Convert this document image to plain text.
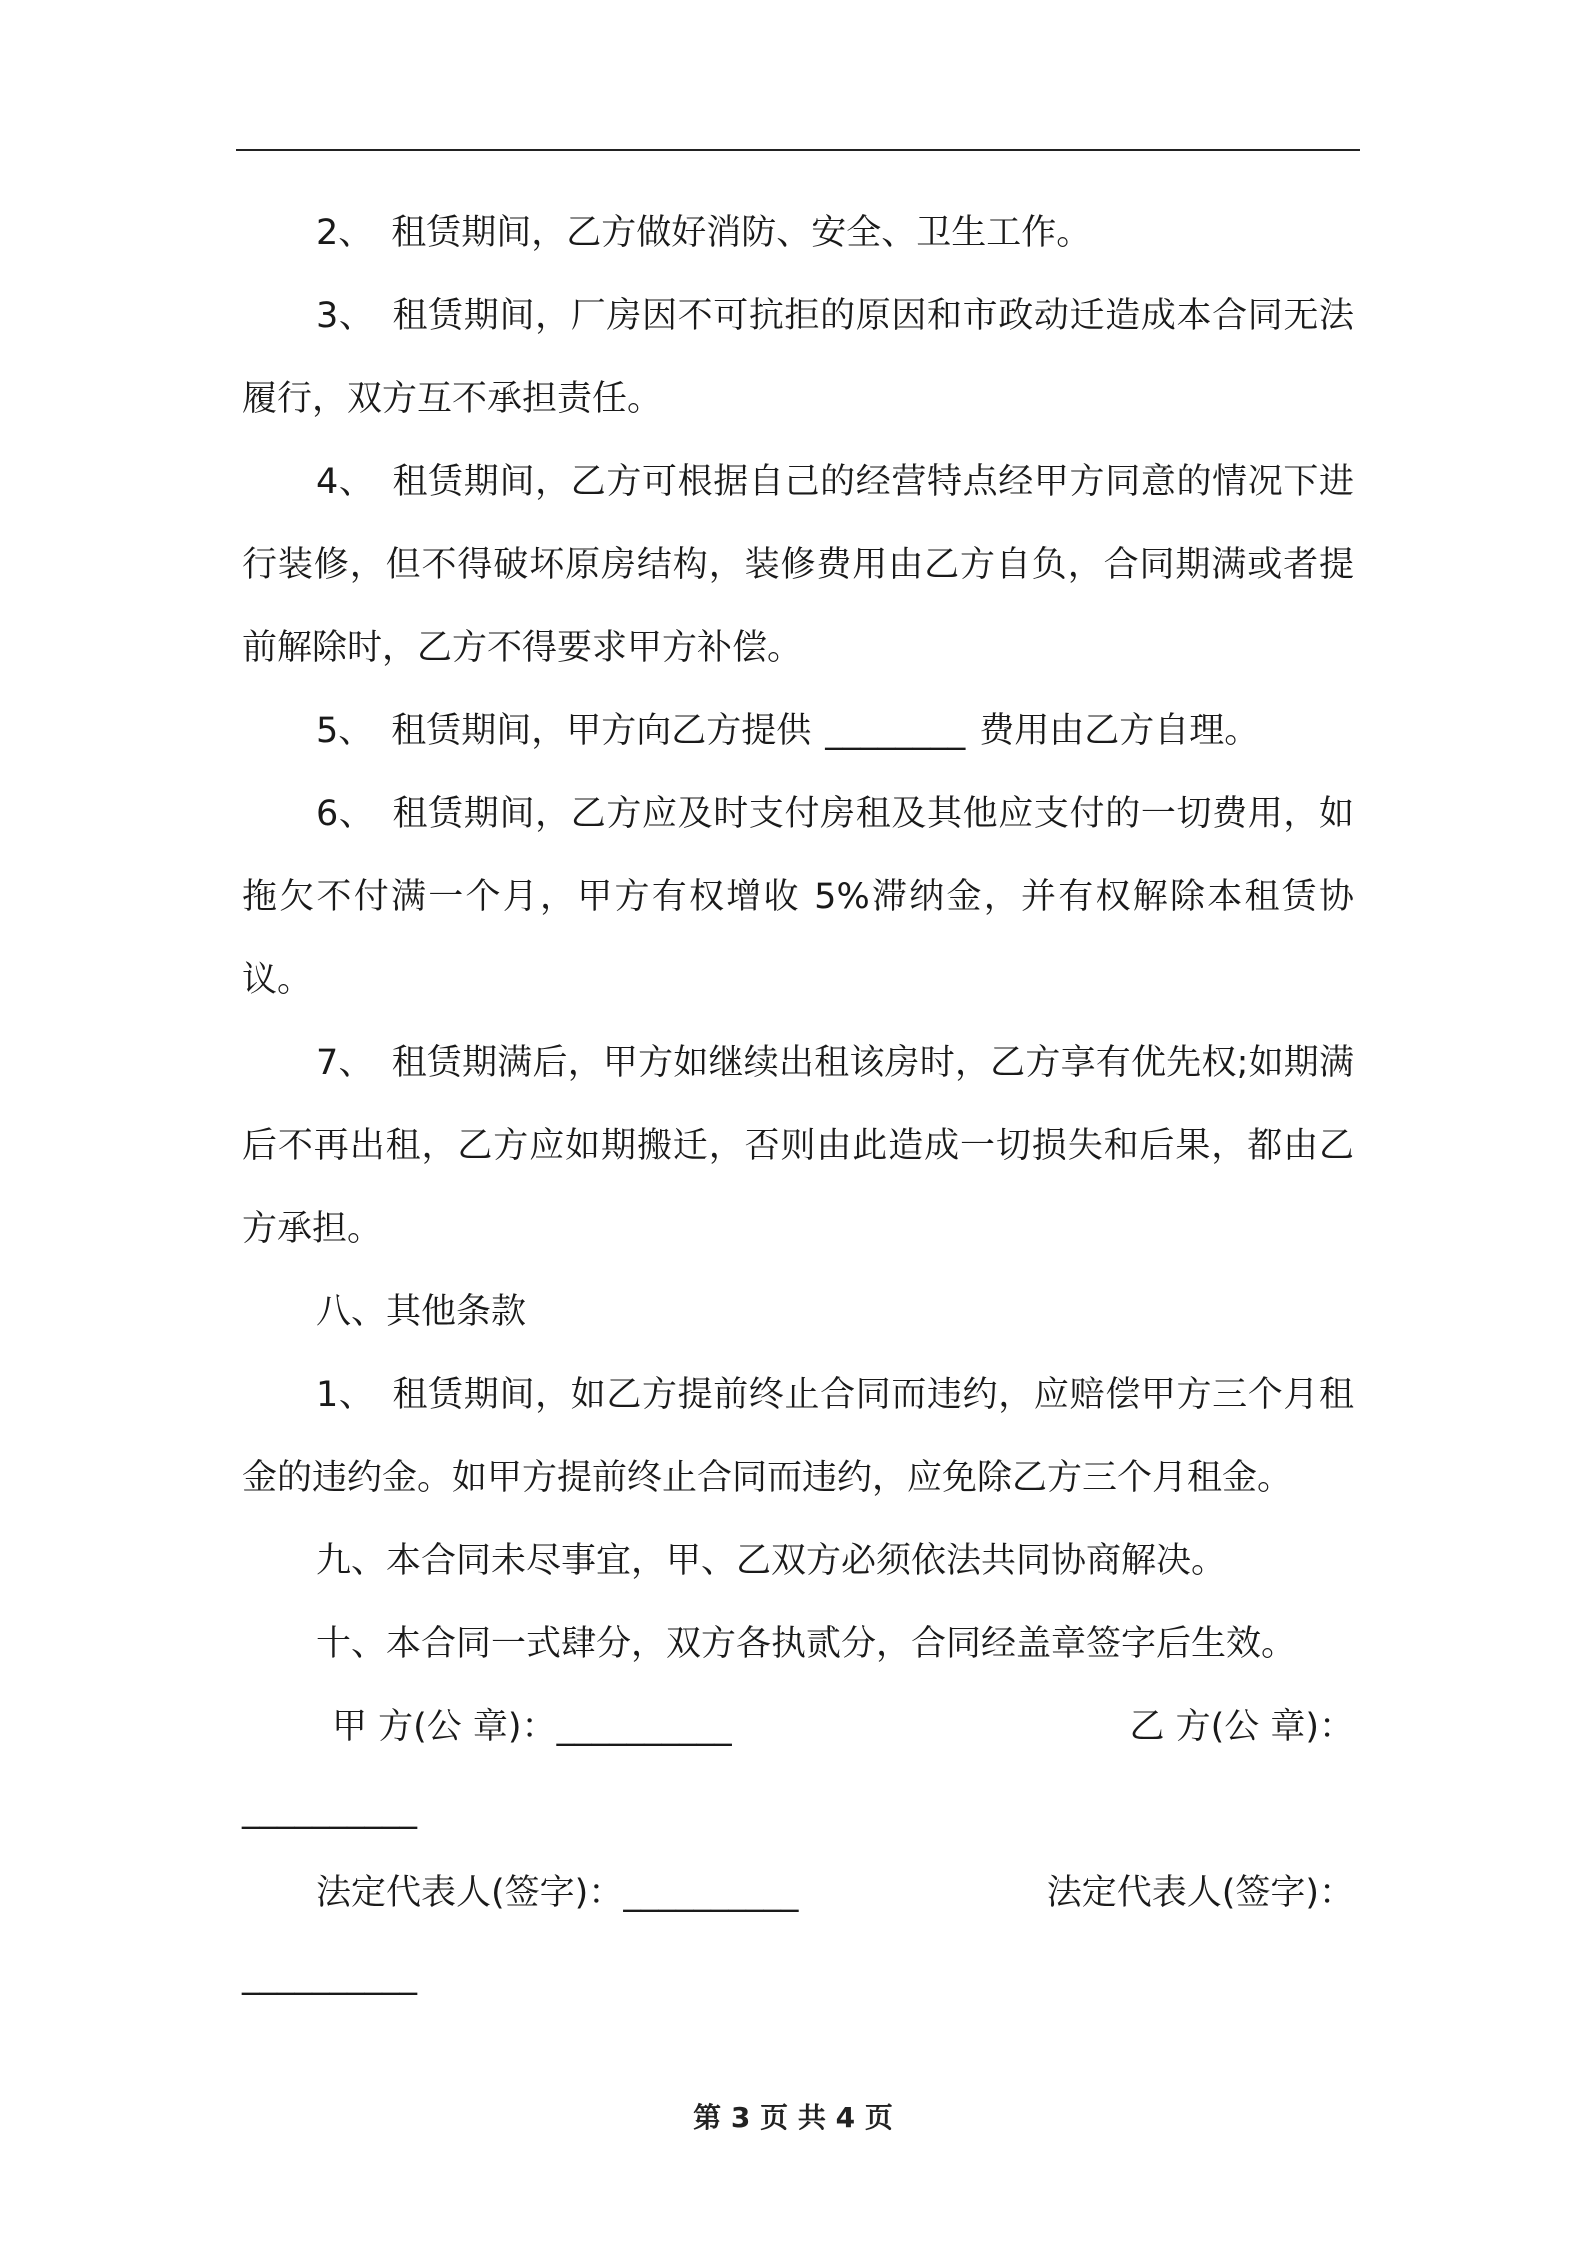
2、 租赁期间，乙方做好消防、安全、卫生工作。

3、 租赁期间，厂房因不可抗拒的原因和市政动迁造成本合同无法履行，双方互不承担责任。

4、 租赁期间，乙方可根据自己的经营特点经甲方同意的情况下进行装修，但不得破坏原房结构，装修费用由乙方自负，合同期满或者提前解除时，乙方不得要求甲方补偿。

5、 租赁期间，甲方向乙方提供 ________ 费用由乙方自理。

6、 租赁期间，乙方应及时支付房租及其他应支付的一切费用，如拖欠不付满一个月，甲方有权增收 5%滞纳金，并有权解除本租赁协议。

7、 租赁期满后，甲方如继续出租该房时，乙方享有优先权;如期满后不再出租，乙方应如期搬迁，否则由此造成一切损失和后果，都由乙方承担。

八、其他条款

1、 租赁期间，如乙方提前终止合同而违约，应赔偿甲方三个月租金的违约金。如甲方提前终止合同而违约，应免除乙方三个月租金。

九、本合同未尽事宜，甲、乙双方必须依法共同协商解决。

十、本合同一式肆分，双方各执贰分，合同经盖章签字后生效。

甲 方(公 章)：__________	乙 方(公 章)：
__________
法定代表人(签字)：__________	法定代表人(签字)：
__________
第 3 页 共 4 页
